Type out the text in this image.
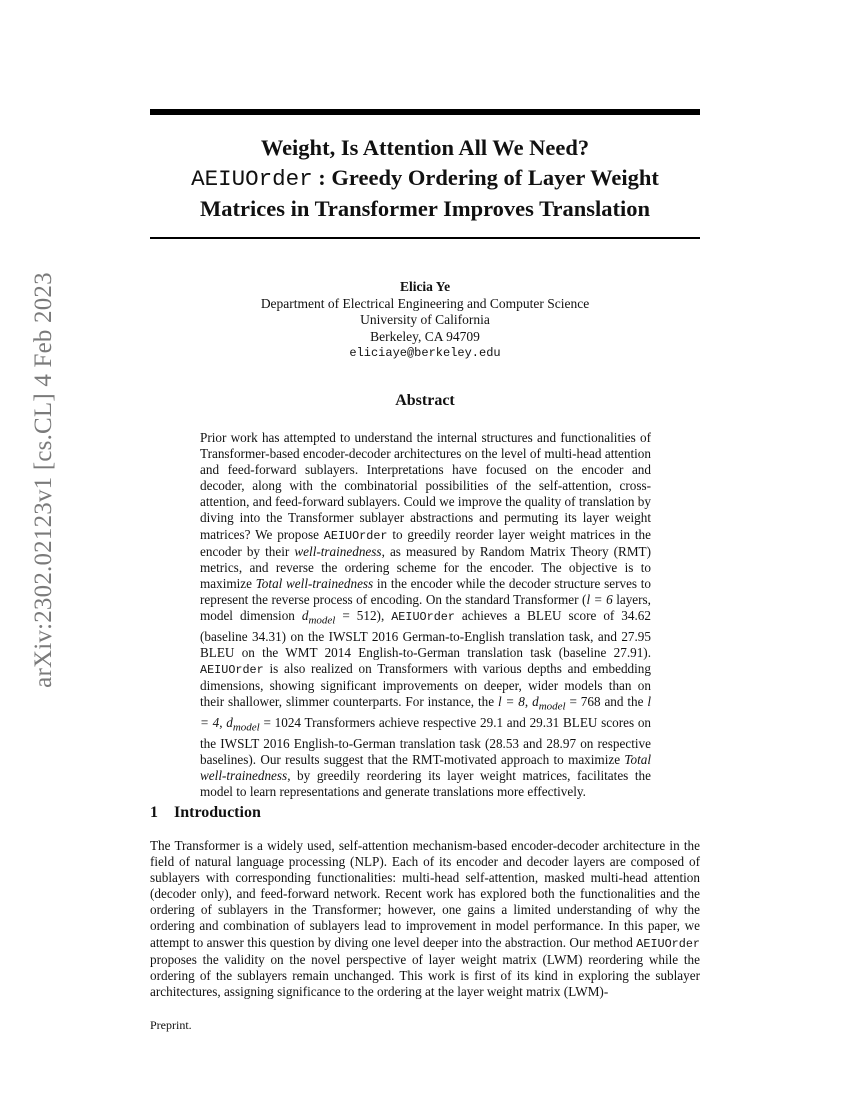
arXiv:2302.02123v1 [cs.CL] 4 Feb 2023
Weight, Is Attention All We Need?
AEIUOrder : Greedy Ordering of Layer Weight
Matrices in Transformer Improves Translation
Elicia Ye
Department of Electrical Engineering and Computer Science
University of California
Berkeley, CA 94709
eliciaye@berkeley.edu
Abstract

Prior work has attempted to understand the internal structures and functionalities of Transformer-based encoder-decoder architectures on the level of multi-head attention and feed-forward sublayers. Interpretations have focused on the encoder and decoder, along with the combinatorial possibilities of the self-attention, cross-attention, and feed-forward sublayers. Could we improve the quality of translation by diving into the Transformer sublayer abstractions and permuting its layer weight matrices? We propose AEIUOrder to greedily reorder layer weight matrices in the encoder by their well-trainedness, as measured by Random Matrix Theory (RMT) metrics, and reverse the ordering scheme for the encoder. The objective is to maximize Total well-trainedness in the encoder while the decoder structure serves to represent the reverse process of encoding. On the standard Transformer (l = 6 layers, model dimension $d_{model} = 512$), AEIUOrder achieves a BLEU score of 34.62 (baseline 34.31) on the IWSLT 2016 German-to-English translation task, and 27.95 BLEU on the WMT 2014 English-to-German translation task (baseline 27.91). AEIUOrder is also realized on Transformers with various depths and embedding dimensions, showing significant improvements on deeper, wider models than on their shallower, slimmer counterparts. For instance, the l = 8, $d_{model} = 768$ and the l = 4, $d_{model} = 1024$ Transformers achieve respective 29.1 and 29.31 BLEU scores on the IWSLT 2016 English-to-German translation task (28.53 and 28.97 on respective baselines). Our results suggest that the RMT-motivated approach to maximize Total well-trainedness, by greedily reordering its layer weight matrices, facilitates the model to learn representations and generate translations more effectively.

1 Introduction

The Transformer is a widely used, self-attention mechanism-based encoder-decoder architecture in the field of natural language processing (NLP). Each of its encoder and decoder layers are composed of sublayers with corresponding functionalities: multi-head self-attention, masked multi-head attention (decoder only), and feed-forward network. Recent work has explored both the functionalities and the ordering of sublayers in the Transformer; however, one gains a limited understanding of why the ordering and combination of sublayers lead to improvement in model performance. In this paper, we attempt to answer this question by diving one level deeper into the abstraction. Our method AEIUOrder proposes the validity on the novel perspective of layer weight matrix (LWM) reordering while the ordering of the sublayers remain unchanged. This work is first of its kind in exploring the sublayer architectures, assigning significance to the ordering at the layer weight matrix (LWM)-

Preprint.
